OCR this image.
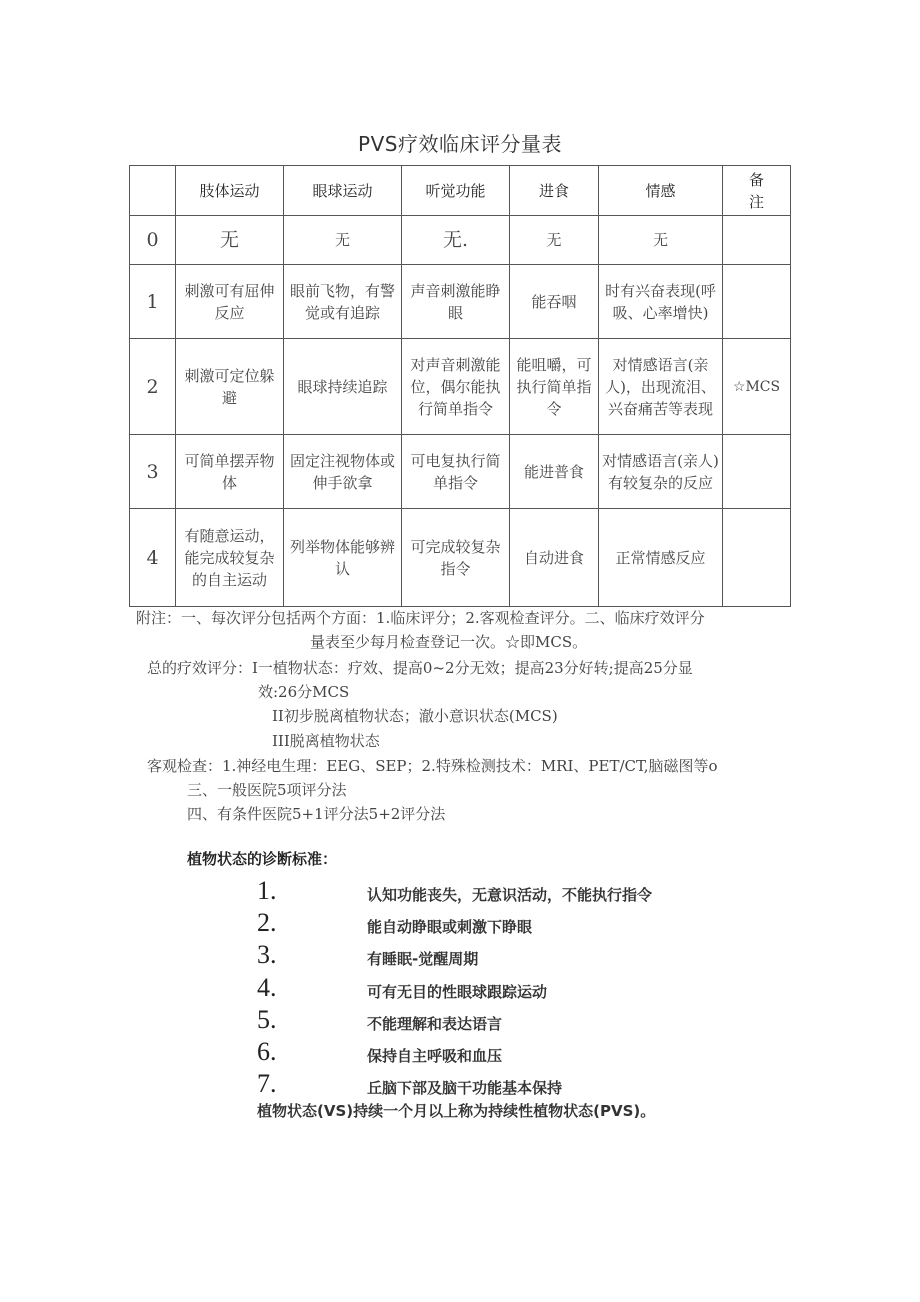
PVS疗效临床评分量表
	肢体运动	眼球运动	听觉功能	进食	情感	备注
0	无	无	无.	无	无	
1	刺激可有屈伸反应	眼前飞物，有警觉或有追踪	声音刺激能睁眼	能吞咽	时有兴奋表现(呼吸、心率增快)	
2	刺激可定位躲避	眼球持续追踪	对声音刺激能位，偶尔能执行简单指令	能咀嚼，可执行简单指令	对情感语言(亲人)，出现流泪、兴奋痛苦等表现	☆MCS
3	可简单摆弄物体	固定注视物体或伸手欲拿	可电复执行简单指令	能进普食	对情感语言(亲人)有较复杂的反应	
4	有随意运动，能完成较复杂的自主运动	列举物体能够辨认	可完成较复杂指令	自动进食	正常情感反应	
附注：一、每次评分包括两个方面：1.临床评分；2.客观检查评分。二、临床疗效评分
量表至少每月检查登记一次。☆即MCS。
总的疗效评分：I一植物状态：疗效、提高0~2分无效；提高23分好转;提高25分显
效:26分MCS
II初步脱离植物状态；澈小意识状态(MCS)
III脱离植物状态
客观检查：1.神经电生理：EEG、SEP；2.特殊检测技术：MRI、PET/CT,脑磁图等o
三、一般医院5项评分法
四、有条件医院5+1评分法5+2评分法
植物状态的诊断标准：
1.	认知功能丧失，无意识活动，不能执行指令
2.	能自动睁眼或刺激下睁眼
3.	有睡眠-觉醒周期
4.	可有无目的性眼球跟踪运动
5.	不能理解和表达语言
6.	保持自主呼吸和血压
7.	丘脑下部及脑干功能基本保持
植物状态(VS)持续一个月以上称为持续性植物状态(PVS)。
